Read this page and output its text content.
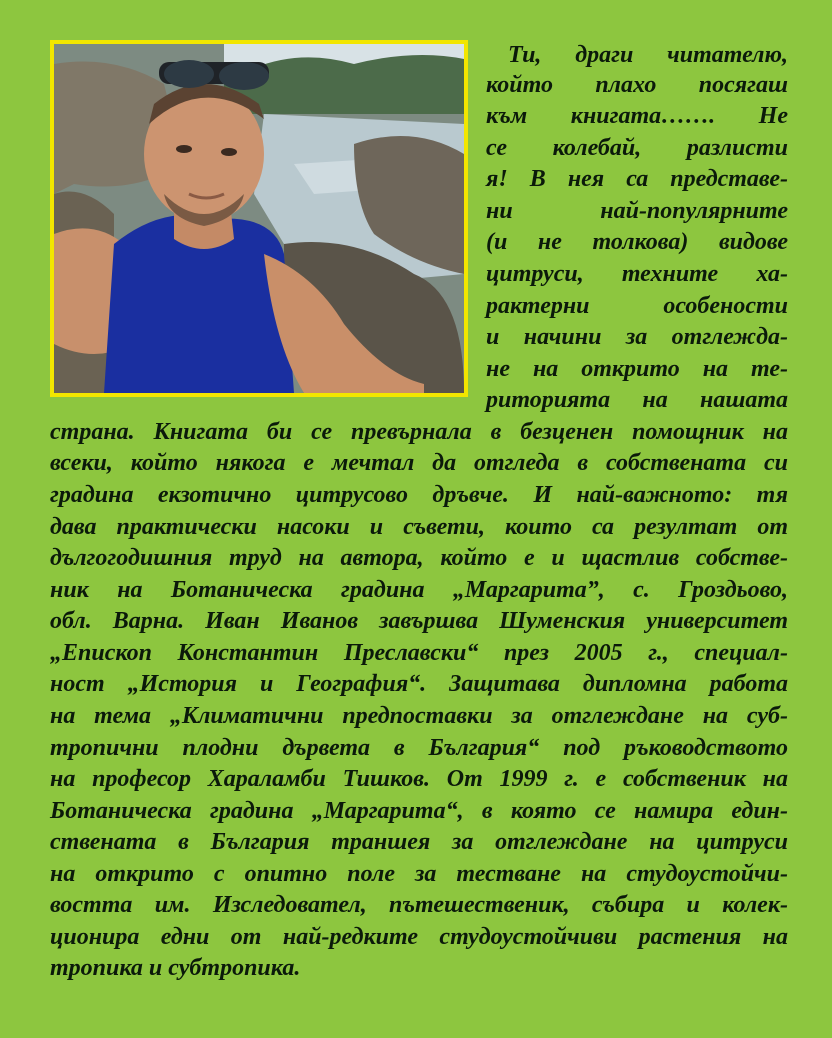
Ти, драги читателю,

който плахо посягаш

към книгата……. Не

се колебай, разлисти

я! В нея са представе-

ни най-популярните

(и не толкова) видове

цитруси, техните ха-

рактерни особености

и начини за отглежда-

не на открито на те-

риторията на нашата

страна. Книгата би се превърнала в безценен помощник на

всеки, който някога е мечтал да отгледа в собствената си

градина екзотично цитрусово дръвче. И най-важното: тя

дава практически насоки и съвети, които са резултат от

дългогодишния труд на автора, който е и щастлив собстве-

ник на Ботаническа градина „Маргарита”, с. Гроздьово,

обл. Варна. Иван Иванов завършва Шуменския университет

„Епископ Константин Преславски“ през 2005 г., специал-

ност „История и География“. Защитава дипломна работа

на тема „Климатични предпоставки за отглеждане на суб-

тропични плодни дървета в България“ под ръководството

на професор Хараламби Тишков. От 1999 г. е собственик на

Ботаническа градина „Маргарита“, в която се намира един-

ствената в България траншея за отглеждане на цитруси

на открито с опитно поле за тестване на студоустойчи-

востта им. Изследовател, пътешественик, събира и колек-

ционира едни от най-редките студоустойчиви растения на

тропика и субтропика.
